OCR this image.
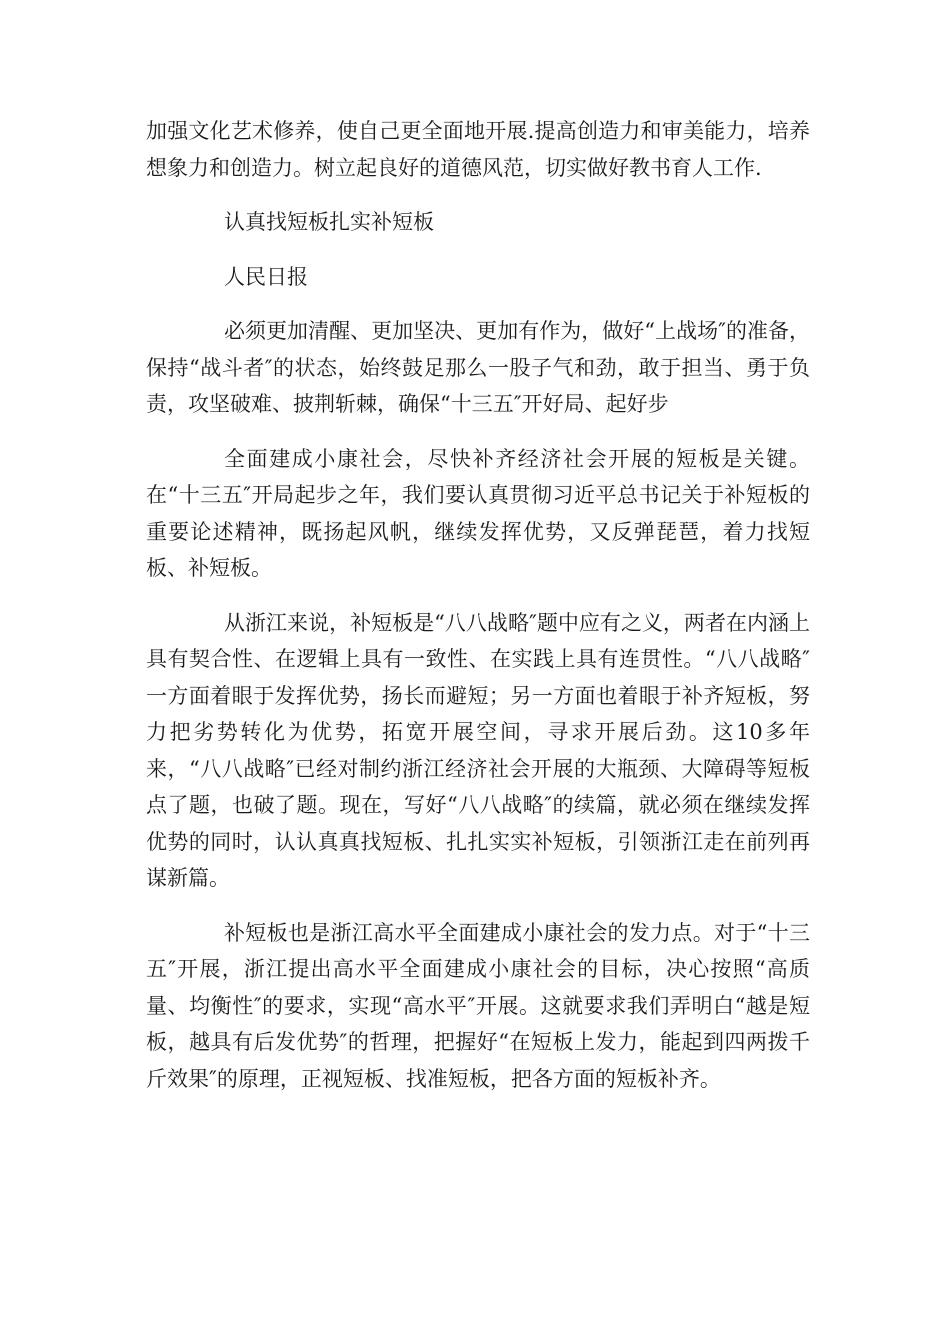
加强文化艺术修养，使自己更全面地开展.提高创造力和审美能力，培养想象力和创造力。树立起良好的道德风范，切实做好教书育人工作.

认真找短板扎实补短板

人民日报

必须更加清醒、更加坚决、更加有作为，做好“上战场″的准备，保持“战斗者″的状态，始终鼓足那么一股子气和劲，敢于担当、勇于负责，攻坚破难、披荆斩棘，确保“十三五″开好局、起好步

全面建成小康社会，尽快补齐经济社会开展的短板是关键。在“十三五″开局起步之年，我们要认真贯彻习近平总书记关于补短板的重要论述精神，既扬起风帆，继续发挥优势，又反弹琵琶，着力找短板、补短板。

从浙江来说，补短板是“八八战略″题中应有之义，两者在内涵上具有契合性、在逻辑上具有一致性、在实践上具有连贯性。“八八战略″一方面着眼于发挥优势，扬长而避短；另一方面也着眼于补齐短板，努力把劣势转化为优势，拓宽开展空间，寻求开展后劲。这10多年来，“八八战略″已经对制约浙江经济社会开展的大瓶颈、大障碍等短板点了题，也破了题。现在，写好“八八战略″的续篇，就必须在继续发挥优势的同时，认认真真找短板、扎扎实实补短板，引领浙江走在前列再谋新篇。

补短板也是浙江高水平全面建成小康社会的发力点。对于“十三五″开展，浙江提出高水平全面建成小康社会的目标，决心按照“高质量、均衡性″的要求，实现“高水平″开展。这就要求我们弄明白“越是短板，越具有后发优势″的哲理，把握好“在短板上发力，能起到四两拨千斤效果″的原理，正视短板、找准短板，把各方面的短板补齐。
